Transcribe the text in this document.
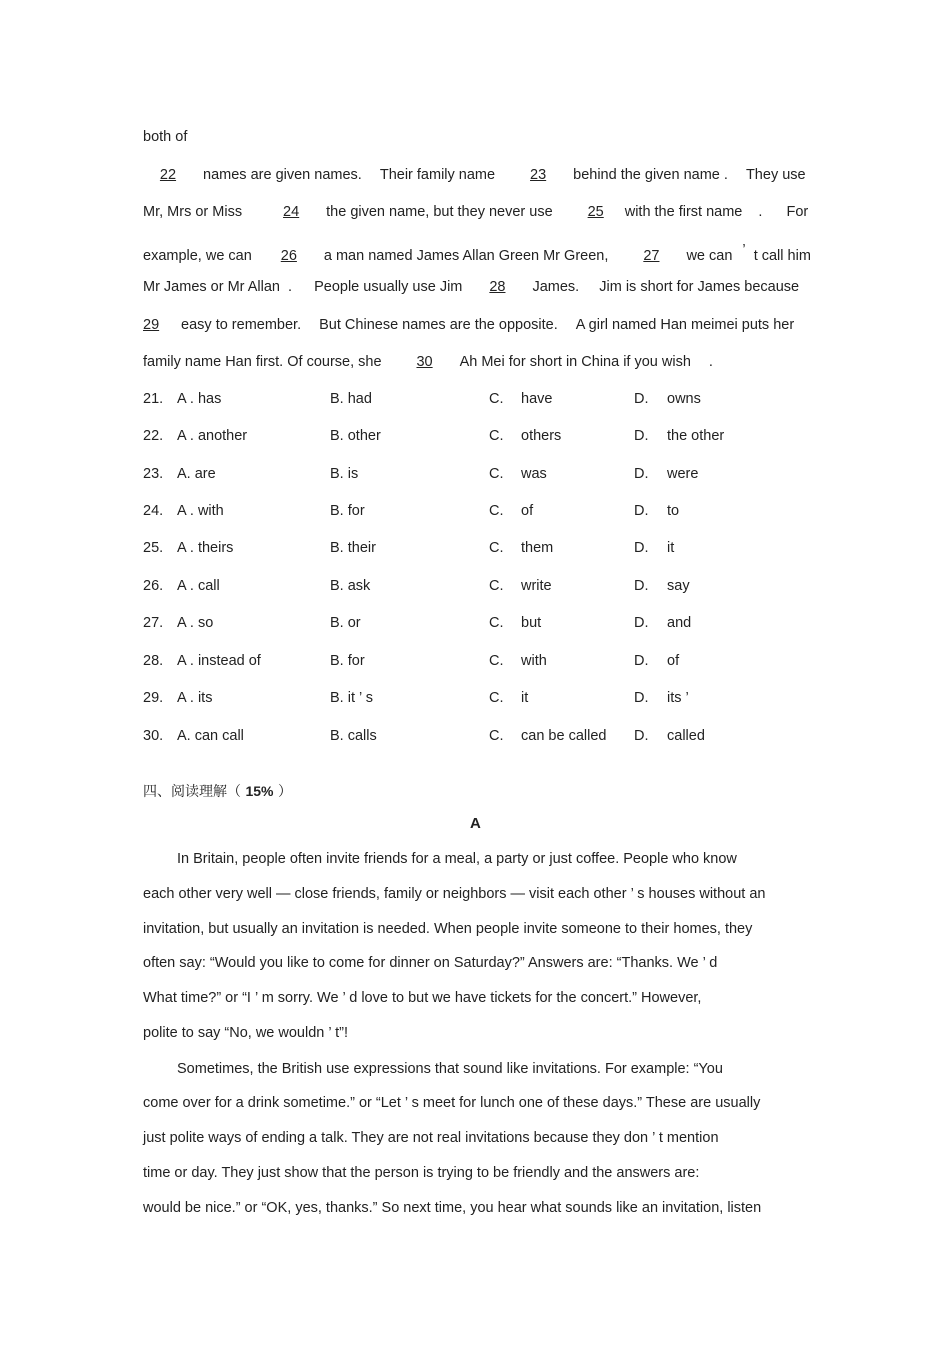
both of
22 names are given names. Their family name 23 behind the given name . They use
Mr, Mrs or Miss	24 the given name, but they never use 25 with the first name . For
example, we can 26 a man named James Allan Green Mr Green, 27 we can ’ t call him
Mr James or Mr Allan . People usually use Jim 28 James. Jim is short for James because
29 easy to remember. But Chinese names are the opposite. A girl named Han meimei puts her
family name Han first. Of course, she 30 Ah Mei for short in China if you wish .
21. A . has	B. had	C. have	D. owns
22. A . another	B. other	C. others	D. the other
23. A. are	B. is	C. was	D. were
24. A . with	B. for	C. of	D. to
25. A . theirs	B. their	C. them	D. it
26. A . call	B. ask	C. write	D. say
27. A . so	B. or	C. but	D. and
28. A . instead of	B. for	C. with	D. of
29. A . its	B. it ’ s	C. it	D. its ’
30. A. can call	B. calls	C. can be called D. called
四、阅读理解（ 15% ）
A
In Britain, people often invite friends for a meal, a party or just coffee. People who know
each other very well — close friends, family or neighbors — visit each other ’ s houses without an
invitation, but usually an invitation is needed. When people invite someone to their homes, they
often say: “Would you like to come for dinner on Saturday?” Answers are: “Thanks. We ’ d
What time?” or “I ’ m sorry. We ’ d love to but we have tickets for the concert.” However,
polite to say “No, we wouldn ’ t”!
Sometimes, the British use expressions that sound like invitations. For example: “You
come over for a drink sometime.” or “Let ’ s meet for lunch one of these days.” These are usually
just polite ways of ending a talk. They are not real invitations because they don ’ t mention
time or day. They just show that the person is trying to be friendly and the answers are:
would be nice.” or “OK, yes, thanks.” So next time, you hear what sounds like an invitation, listen
